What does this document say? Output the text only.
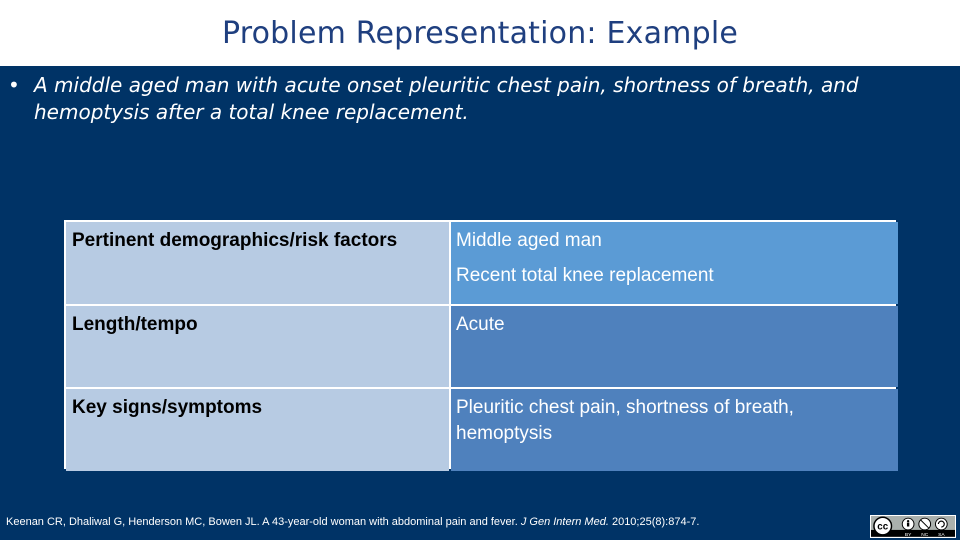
Problem Representation: Example
• A middle aged man with acute onset pleuritic chest pain, shortness of breath, and hemoptysis after a total knee replacement.
Pertinent demographics/risk factors	Middle aged man
Recent total knee replacement
Length/tempo	Acute
Key signs/symptoms	Pleuritic chest pain, shortness of breath, hemoptysis
Keenan CR, Dhaliwal G, Henderson MC, Bowen JL. A 43-year-old woman with abdominal pain and fever. J Gen Intern Med. 2010;25(8):874-7.	cc
BY NC SA
